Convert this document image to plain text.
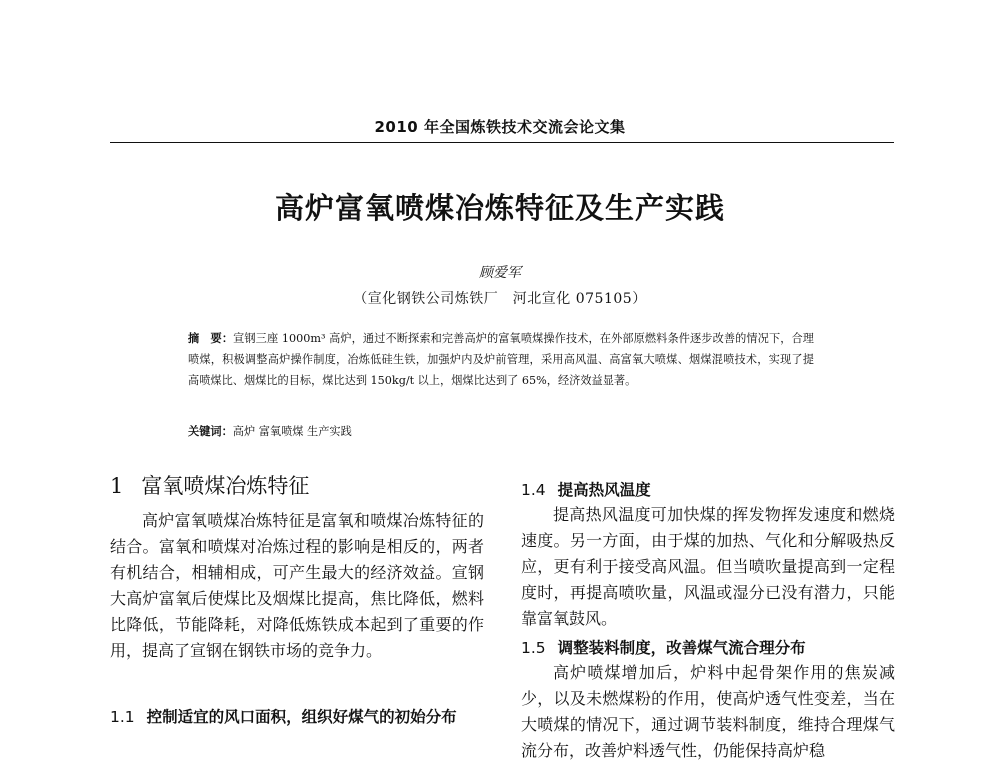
2010 年全国炼铁技术交流会论文集
高炉富氧喷煤冶炼特征及生产实践
顾爱军
（宣化钢铁公司炼铁厂　河北宣化 075105）
摘　要：宣钢三座 1000m³ 高炉，通过不断探索和完善高炉的富氧喷煤操作技术，在外部原燃料条件逐步改善的情况下，合理喷煤，积极调整高炉操作制度，冶炼低硅生铁，加强炉内及炉前管理，采用高风温、高富氧大喷煤、烟煤混喷技术，实现了提高喷煤比、烟煤比的目标，煤比达到 150kg/t 以上，烟煤比达到了 65%，经济效益显著。
关键词：高炉 富氧喷煤 生产实践
1 富氧喷煤冶炼特征

高炉富氧喷煤冶炼特征是富氧和喷煤冶炼特征的结合。富氧和喷煤对冶炼过程的影响是相反的，两者有机结合，相辅相成，可产生最大的经济效益。宣钢大高炉富氧后使煤比及烟煤比提高，焦比降低，燃料比降低，节能降耗，对降低炼铁成本起到了重要的作用，提高了宣钢在钢铁市场的竞争力。

1.1 控制适宜的风口面积，组织好煤气的初始分布
1.4 提高热风温度

提高热风温度可加快煤的挥发物挥发速度和燃烧速度。另一方面，由于煤的加热、气化和分解吸热反应，更有利于接受高风温。但当喷吹量提高到一定程度时，再提高喷吹量，风温或湿分已没有潜力，只能靠富氧鼓风。

1.5 调整装料制度，改善煤气流合理分布

高炉喷煤增加后，炉料中起骨架作用的焦炭减少，以及未燃煤粉的作用，使高炉透气性变差，当在大喷煤的情况下，通过调节装料制度，维持合理煤气流分布，改善炉料透气性，仍能保持高炉稳
